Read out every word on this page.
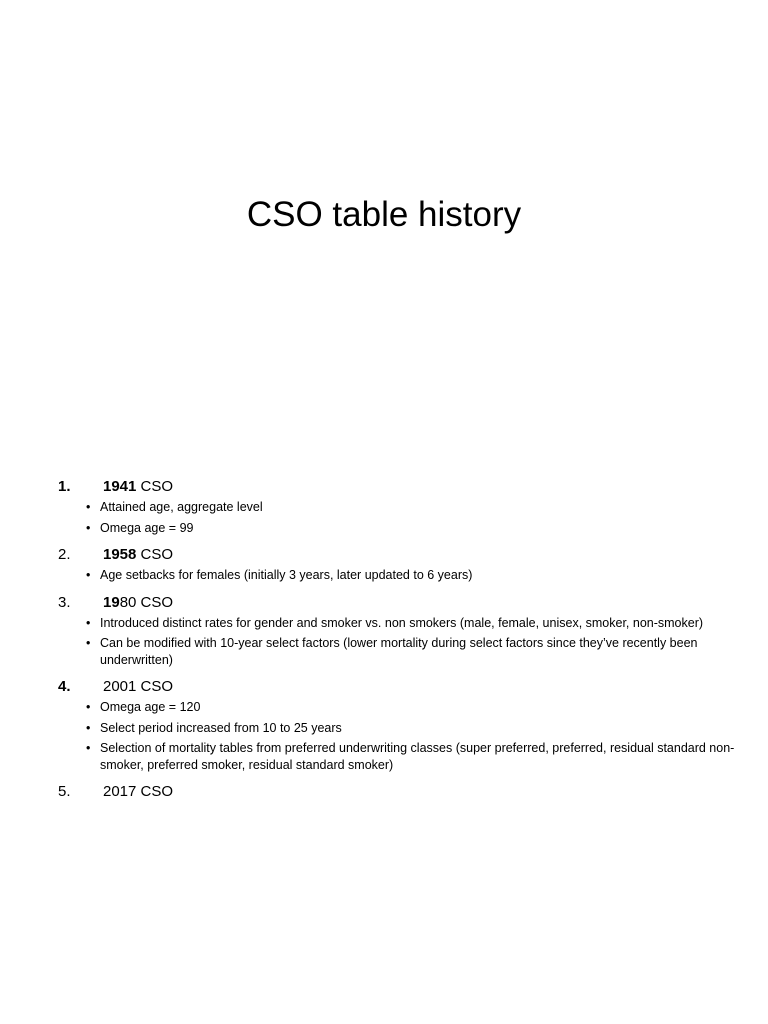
CSO table history
1. 1941 CSO
• Attained age, aggregate level
• Omega age = 99
2. 1958 CSO
• Age setbacks for females (initially 3 years, later updated to 6 years)
3. 1980 CSO
• Introduced distinct rates for gender and smoker vs. non smokers (male, female, unisex, smoker, non-smoker)
• Can be modified with 10-year select factors (lower mortality during select factors since they’ve recently been underwritten)
4. 2001 CSO
• Omega age = 120
• Select period increased from 10 to 25 years
• Selection of mortality tables from preferred underwriting classes (super preferred, preferred, residual standard non-smoker, preferred smoker, residual standard smoker)
5. 2017 CSO
